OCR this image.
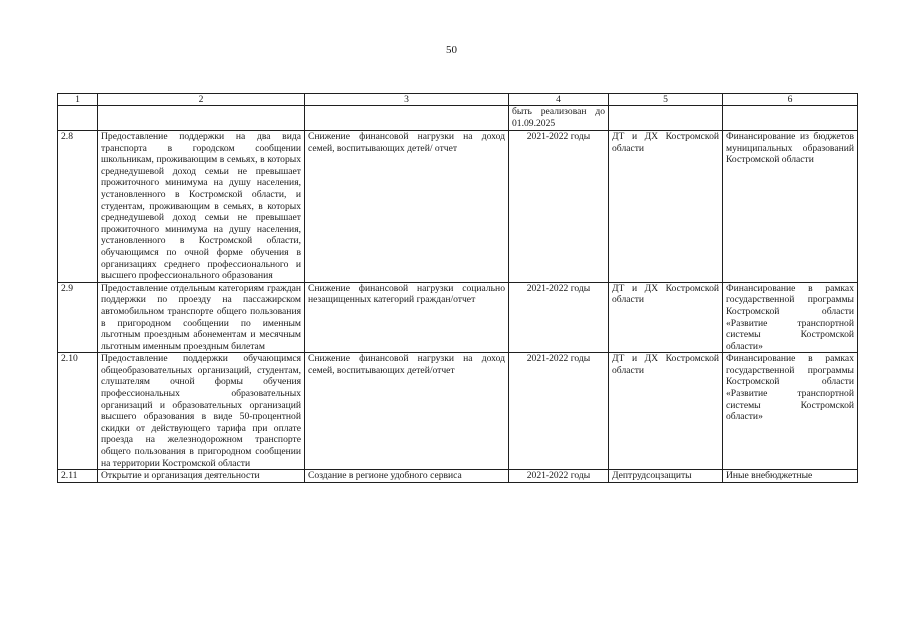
50
1	2	3	4	5	6
			быть реализован до 01.09.2025		
2.8	Предоставление поддержки на два вида транспорта в городском сообщении школьникам, проживающим в семьях, в которых среднедушевой доход семьи не превышает прожиточного минимума на душу населения, установленного в Костромской области, и студентам, проживающим в семьях, в которых среднедушевой доход семьи не превышает прожиточного минимума на душу населения, установленного в Костромской области, обучающимся по очной форме обучения в организациях среднего профессионального и высшего профессионального образования	Снижение финансовой нагрузки на доход семей, воспитывающих детей/ отчет	2021-2022 годы	ДТ и ДХ Костромской области	Финансирование из бюджетов муниципальных образований Костромской области
2.9	Предоставление отдельным категориям граждан поддержки по проезду на пассажирском автомобильном транспорте общего пользования в пригородном сообщении по именным льготным проездным абонементам и месячным льготным именным проездным билетам	Снижение финансовой нагрузки социально незащищенных категорий граждан/отчет	2021-2022 годы	ДТ и ДХ Костромской области	Финансирование в рамках государственной программы Костромской области «Развитие транспортной системы Костромской области»
2.10	Предоставление поддержки обучающимся общеобразовательных организаций, студентам, слушателям очной формы обучения профессиональных образовательных организаций и образовательных организаций высшего образования в виде 50-процентной скидки от действующего тарифа при оплате проезда на железнодорожном транспорте общего пользования в пригородном сообщении на территории Костромской области	Снижение финансовой нагрузки на доход семей, воспитывающих детей/отчет	2021-2022 годы	ДТ и ДХ Костромской области	Финансирование в рамках государственной программы Костромской области «Развитие транспортной системы Костромской области»
2.11	Открытие и организация деятельности	Создание в регионе удобного сервиса	2021-2022 годы	Дептрудсоцзащиты	Иные внебюджетные
